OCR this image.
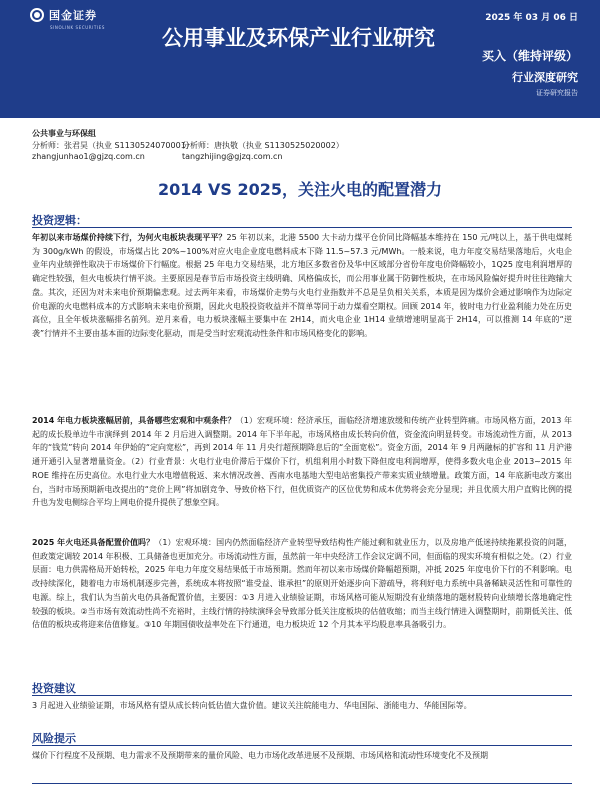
国金证券
SINOLINK SECURITIES	公用事业及环保产业行业研究
2025 年 03 月 06 日
买入（维持评级）
行业深度研究
证券研究报告
公共事业与环保组
分析师：张君昊（执业 S1130524070001）
分析师：唐执敬（执业 S1130525020002）
zhangjunhao1@gjzq.com.cn	tangzhijing@gjzq.com.cn
2014 VS 2025，关注火电的配置潜力
投资逻辑：
年初以来市场煤价持续下行，为何火电板块表现平平？25 年初以来，北港 5500 大卡动力煤平仓价同比降幅基本维持在 150 元/吨以上，基于供电煤耗为 300g/kWh 的假设，市场煤占比 20%~100%对应火电企业度电燃料成本下降 11.5~57.3 元/MWh。一般来说，电力年度交易结果落地后，火电企业年内业绩弹性取决于市场煤价下行幅度。根据 25 年电力交易结果，北方地区多数省份及华中区域部分省份年度电价降幅较小，1Q25 度电利润增厚的确定性较强，但火电板块行情平淡。主要原因是春节后市场投资主线明确、风格偏成长，而公用事业属于防御性板块，在市场风险偏好提升时往往跑输大盘。其次，还因为对未来电价预期偏悲观。过去两年来看，市场煤价走势与火电行业指数并不总是呈负相关关系，本质是因为煤价会通过影响作为边际定价电源的火电燃料成本的方式影响未来电价预期，因此火电股投资收益并不简单等同于动力煤看空期权。回顾 2014 年，彼时电力行业盈利能力处在历史高位，且全年板块涨幅排名前列。逆月来看，电力板块涨幅主要集中在 2H14，而火电企业 1H14 业绩增速明显高于 2H14，可以推测 14 年底的“逆袭”行情并不主要由基本面的边际变化驱动，而是受当时宏观流动性条件和市场风格变化的影响。
2014 年电力板块涨幅居前，具备哪些宏观和中观条件？（1）宏观环境：经济承压，面临经济增速放缓和传统产业转型阵痛。市场风格方面，2013 年起的成长股单边牛市演绎到 2014 年 2 月后进入调整期。2014 年下半年起，市场风格由成长转向价值，资金流向明显转变。市场流动性方面，从 2013 年的“钱荒”转向 2014 年伊始的“定向宽松”，再到 2014 年 11 月央行超预期降息后的“全面宽松”。资金方面，2014 年 9 月两融标的扩容和 11 月沪港通开通引入显著增量资金。（2）行业背景：火电行业电价滞后于煤价下行，机组利用小时数下降但度电利润增厚，使得多数火电企业 2013~2015 年 ROE 维持在历史高位。水电行业大水电增值税返、来水情况改善、西南水电基地大型电站密集投产带来实质业绩增量。政策方面，14 年底新电改方案出台，当时市场预期新电改提出的“竞价上网”将加剧竞争、导致价格下行，但优质资产的区位优势和成本优势将会充分显现；并且优质大用户直购比例的提升也为发电侧综合平均上网电价提升提供了想象空间。
2025 年火电还具备配置价值吗？（1）宏观环境：国内仍然面临经济产业转型导致结构性产能过剩和就业压力，以及房地产低迷持续拖累投资的问题，但政策定调较 2014 年积极、工具储备也更加充分。市场流动性方面，虽然前一年中央经济工作会议定调不同，但面临的现实环境有相似之处。（2）行业层面：电力供需格局开始转松，2025 年电力年度交易结果低于市场预期。然而年初以来市场煤价降幅超预期，冲抵 2025 年度电价下行的不利影响。电改持续深化，随着电力市场机制逐步完善，系统成本将按照“谁受益、谁承担”的原则开始逐步向下游疏导，将利好电力系统中具备稀缺灵活性和可靠性的电源。综上，我们认为当前火电仍具备配置价值，主要因：①3 月进入业绩验证期，市场风格可能从短期没有业绩落地的题材股转向业绩增长落地确定性较强的板块。②当市场有效流动性尚不充裕时，主线行情的持续演绎会导致部分低关注度板块的估值收缩；而当主线行情进入调整期时，前期低关注、低估值的板块或将迎来估值修复。③10 年期国债收益率处在下行通道，电力板块近 12 个月其本平均股息率具备吸引力。
投资建议
3 月起进入业绩验证期，市场风格有望从成长转向低估值大盘价值。建议关注皖能电力、华电国际、浙能电力、华能国际等。
风险提示
煤价下行程度不及预期、电力需求不及预期带来的量价风险、电力市场化改革进展不及预期、市场风格和流动性环境变化不及预期
